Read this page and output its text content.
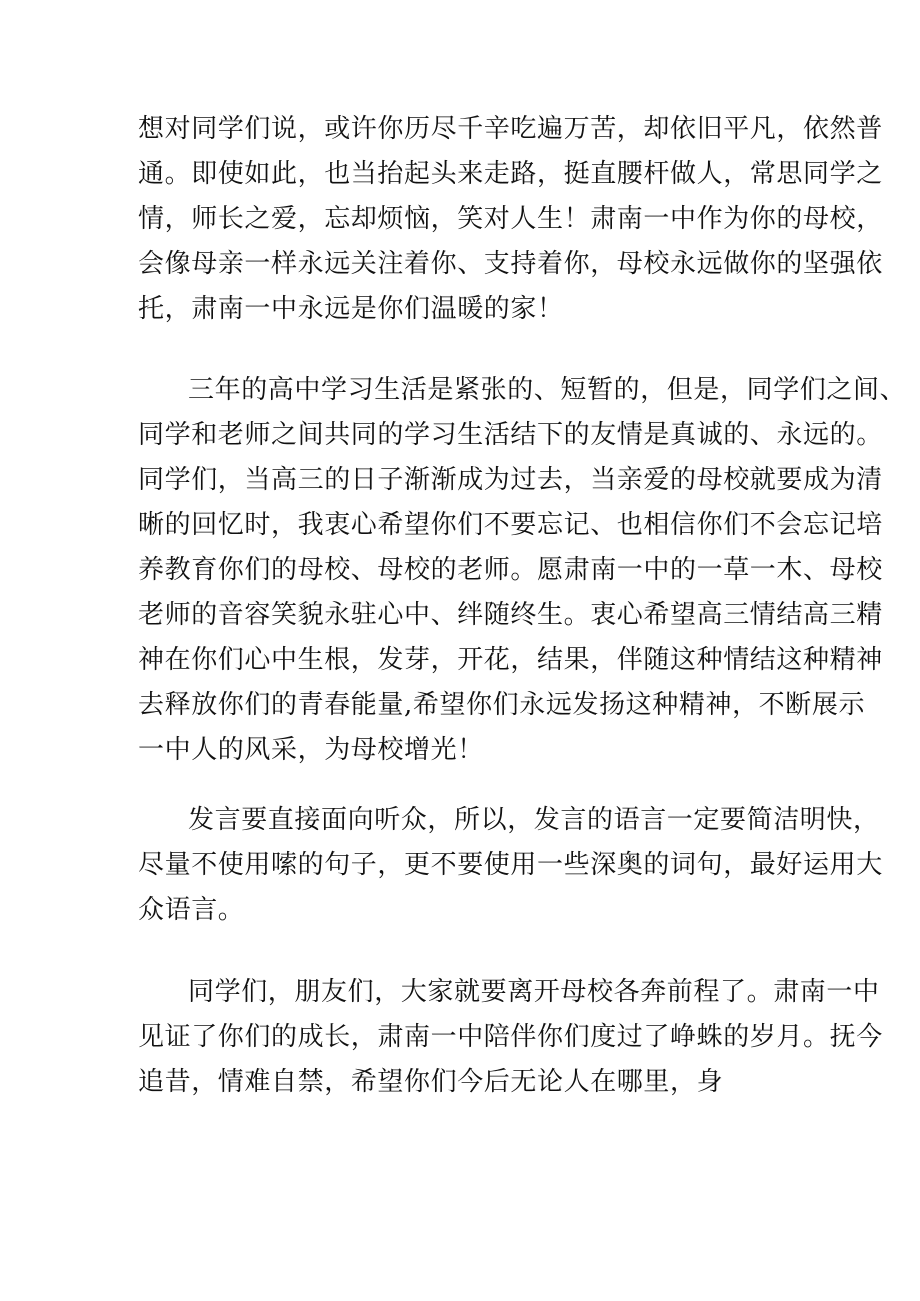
想对同学们说，或许你历尽千辛吃遍万苦，却依旧平凡，依然普
通。即使如此，也当抬起头来走路，挺直腰杆做人，常思同学之
情，师长之爱，忘却烦恼，笑对人生！肃南一中作为你的母校，
会像母亲一样永远关注着你、支持着你，母校永远做你的坚强依
托，肃南一中永远是你们温暖的家！
三年的高中学习生活是紧张的、短暂的，但是，同学们之间、
同学和老师之间共同的学习生活结下的友情是真诚的、永远的。
同学们，当高三的日子渐渐成为过去，当亲爱的母校就要成为清
晰的回忆时，我衷心希望你们不要忘记、也相信你们不会忘记培
养教育你们的母校、母校的老师。愿肃南一中的一草一木、母校
老师的音容笑貌永驻心中、绊随终生。衷心希望高三情结高三精
神在你们心中生根，发芽，开花，结果，伴随这种情结这种精神
去释放你们的青春能量,希望你们永远发扬这种精神，不断展示
一中人的风采，为母校增光！
发言要直接面向听众，所以，发言的语言一定要简洁明快，
尽量不使用嗦的句子，更不要使用一些深奥的词句，最好运用大
众语言。
同学们，朋友们，大家就要离开母校各奔前程了。肃南一中
见证了你们的成长，肃南一中陪伴你们度过了峥蛛的岁月。抚今
追昔，情难自禁，希望你们今后无论人在哪里，身
